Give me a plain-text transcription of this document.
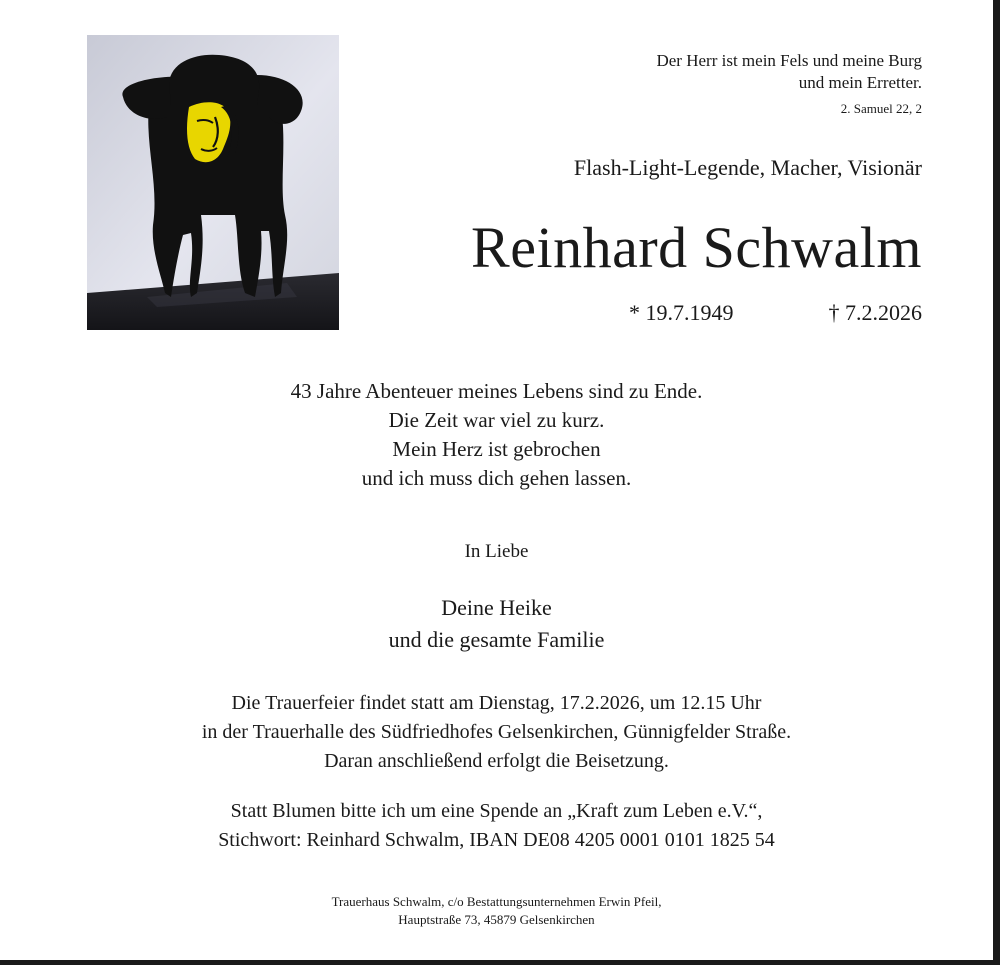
Der Herr ist mein Fels und meine Burg
und mein Erretter.
2. Samuel 22, 2
Flash-Light-Legende, Macher, Visionär
Reinhard Schwalm
* 19.7.1949	† 7.2.2026
43 Jahre Abenteuer meines Lebens sind zu Ende.
Die Zeit war viel zu kurz.
Mein Herz ist gebrochen
und ich muss dich gehen lassen.
In Liebe
Deine Heike
und die gesamte Familie
Die Trauerfeier findet statt am Dienstag, 17.2.2026, um 12.15 Uhr
in der Trauerhalle des Südfriedhofes Gelsenkirchen, Günnigfelder Straße.
Daran anschließend erfolgt die Beisetzung.
Statt Blumen bitte ich um eine Spende an „Kraft zum Leben e.V.“,
Stichwort: Reinhard Schwalm, IBAN DE08 4205 0001 0101 1825 54
Trauerhaus Schwalm, c/o Bestattungsunternehmen Erwin Pfeil,
Hauptstraße 73, 45879 Gelsenkirchen
